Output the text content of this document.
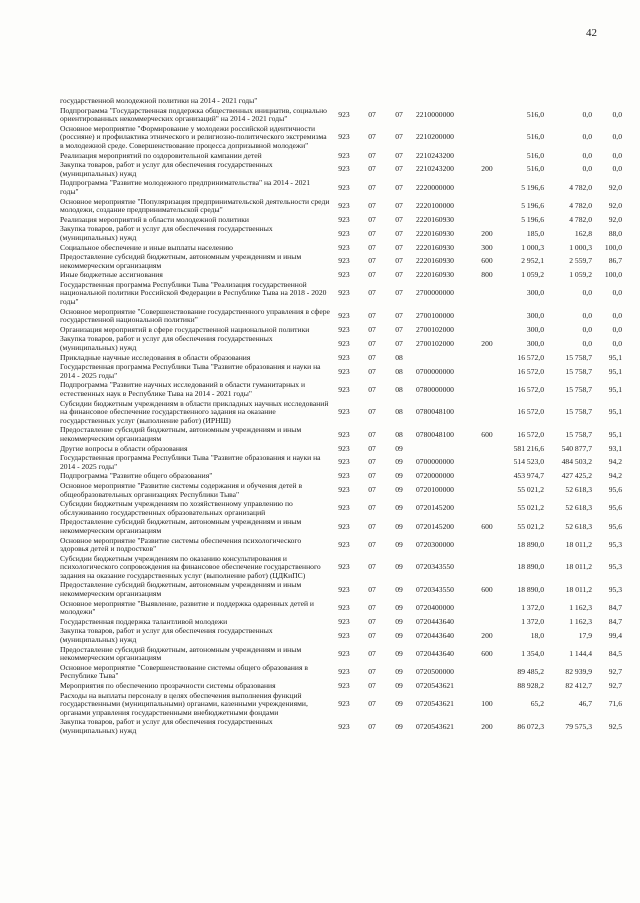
42
государственной молодежной политики на 2014 - 2021 годы"								
Подпрограмма "Государственная поддержка общественных инициатив, социально ориентированных некоммерческих организаций" на 2014 - 2021 годы"	923	07	07	2210000000		516,0	0,0	0,0
Основное мероприятие "Формирование у молодежи российской идентичности (россияне) и профилактика этнического и религиозно-политического экстремизма в молодежной среде. Совершенствование процесса допризывной молодежи"	923	07	07	2210200000		516,0	0,0	0,0
Реализация мероприятий по оздоровительной кампании детей	923	07	07	2210243200		516,0	0,0	0,0
Закупка товаров, работ и услуг для обеспечения государственных (муниципальных) нужд	923	07	07	2210243200	200	516,0	0,0	0,0
Подпрограмма "Развитие молодежного предпринимательства" на 2014 - 2021 годы"	923	07	07	2220000000		5 196,6	4 782,0	92,0
Основное мероприятие "Популяризация предпринимательской деятельности среди молодежи, создание предпринимательской среды"	923	07	07	2220100000		5 196,6	4 782,0	92,0
Реализация мероприятий в области молодежной политики	923	07	07	2220160930		5 196,6	4 782,0	92,0
Закупка товаров, работ и услуг для обеспечения государственных (муниципальных) нужд	923	07	07	2220160930	200	185,0	162,8	88,0
Социальное обеспечение и иные выплаты населению	923	07	07	2220160930	300	1 000,3	1 000,3	100,0
Предоставление субсидий бюджетным, автономным учреждениям и иным некоммерческим организациям	923	07	07	2220160930	600	2 952,1	2 559,7	86,7
Иные бюджетные ассигнования	923	07	07	2220160930	800	1 059,2	1 059,2	100,0
Государственная программа Республики Тыва "Реализация государственной национальной политики Российской Федерации в Республике Тыва на 2018 - 2020 годы"	923	07	07	2700000000		300,0	0,0	0,0
Основное мероприятие "Совершенствование государственного управления в сфере государственной национальной политики"	923	07	07	2700100000		300,0	0,0	0,0
Организация мероприятий в сфере государственной национальной политики	923	07	07	2700102000		300,0	0,0	0,0
Закупка товаров, работ и услуг для обеспечения государственных (муниципальных) нужд	923	07	07	2700102000	200	300,0	0,0	0,0
Прикладные научные исследования в области образования	923	07	08			16 572,0	15 758,7	95,1
Государственная программа Республики Тыва "Развитие образования и науки на 2014 - 2025 годы"	923	07	08	0700000000		16 572,0	15 758,7	95,1
Подпрограмма "Развитие научных исследований в области гуманитарных и естественных наук в Республике Тыва на 2014 - 2021 годы"	923	07	08	0780000000		16 572,0	15 758,7	95,1
Субсидии бюджетным учреждениям в области прикладных научных исследований на финансовое обеспечение государственного задания на оказание государственных услуг (выполнение работ) (ИРНШ)	923	07	08	0780048100		16 572,0	15 758,7	95,1
Предоставление субсидий бюджетным, автономным учреждениям и иным некоммерческим организациям	923	07	08	0780048100	600	16 572,0	15 758,7	95,1
Другие вопросы в области образования	923	07	09			581 216,6	540 877,7	93,1
Государственная программа Республики Тыва "Развитие образования и науки на 2014 - 2025 годы"	923	07	09	0700000000		514 523,0	484 503,2	94,2
Подпрограмма "Развитие общего образования"	923	07	09	0720000000		453 974,7	427 425,2	94,2
Основное мероприятие "Развитие системы содержания и обучения детей в общеобразовательных организациях Республики Тыва"	923	07	09	0720100000		55 021,2	52 618,3	95,6
Субсидии бюджетным учреждениям по хозяйственному управлению по обслуживанию государственных образовательных организаций	923	07	09	0720145200		55 021,2	52 618,3	95,6
Предоставление субсидий бюджетным, автономным учреждениям и иным некоммерческим организациям	923	07	09	0720145200	600	55 021,2	52 618,3	95,6
Основное мероприятие "Развитие системы обеспечения психологического здоровья детей и подростков"	923	07	09	0720300000		18 890,0	18 011,2	95,3
Субсидии бюджетным учреждениям по оказанию консультирования и психологического сопровождения на финансовое обеспечение государственного задания на оказание государственных услуг (выполнение работ) (ЦДКиПС)	923	07	09	0720343550		18 890,0	18 011,2	95,3
Предоставление субсидий бюджетным, автономным учреждениям и иным некоммерческим организациям	923	07	09	0720343550	600	18 890,0	18 011,2	95,3
Основное мероприятие "Выявление, развитие и поддержка одаренных детей и молодежи"	923	07	09	0720400000		1 372,0	1 162,3	84,7
Государственная поддержка талантливой молодежи	923	07	09	0720443640		1 372,0	1 162,3	84,7
Закупка товаров, работ и услуг для обеспечения государственных (муниципальных) нужд	923	07	09	0720443640	200	18,0	17,9	99,4
Предоставление субсидий бюджетным, автономным учреждениям и иным некоммерческим организациям	923	07	09	0720443640	600	1 354,0	1 144,4	84,5
Основное мероприятие "Совершенствование системы общего образования в Республике Тыва"	923	07	09	0720500000		89 485,2	82 939,9	92,7
Мероприятия по обеспечению прозрачности системы образования	923	07	09	0720543621		88 928,2	82 412,7	92,7
Расходы на выплаты персоналу в целях обеспечения выполнения функций государственными (муниципальными) органами, казенными учреждениями, органами управления государственными внебюджетными фондами	923	07	09	0720543621	100	65,2	46,7	71,6
Закупка товаров, работ и услуг для обеспечения государственных (муниципальных) нужд	923	07	09	0720543621	200	86 072,3	79 575,3	92,5
